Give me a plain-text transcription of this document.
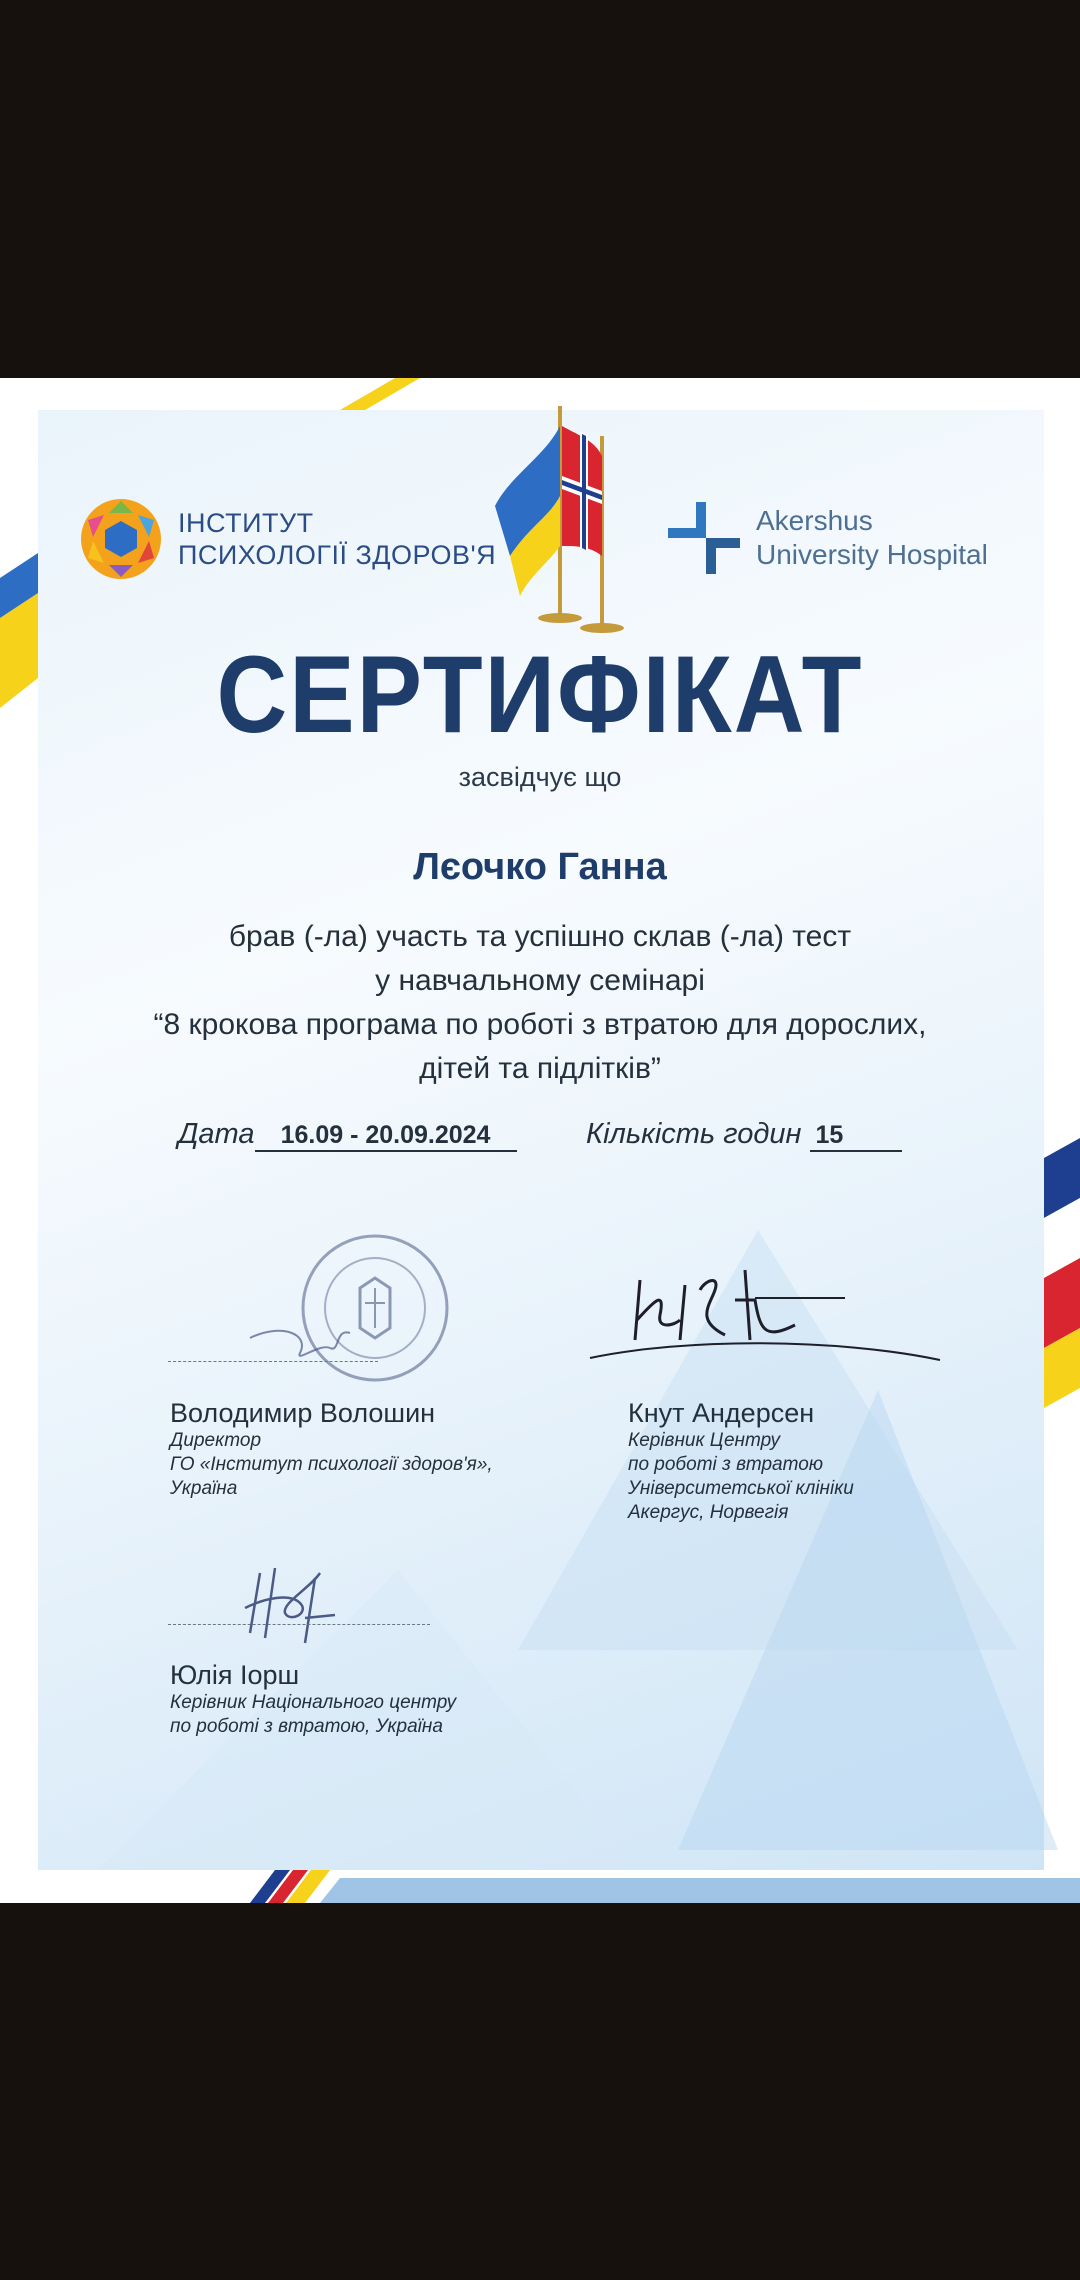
ІНСТИТУТ
ПСИХОЛОГІЇ ЗДОРОВ'Я
Akershus
University Hospital
СЕРТИФІКАТ
засвідчує що
Лєочко Ганна
брав (-ла) участь та успішно склав (-ла) тест
у навчальному семінарі
“8 крокова програма по роботі з втратою для дорослих,
дітей та підлітків”
Дата 16.09 - 20.09.2024	Кількість годин 15
Володимир Волошин
Директор
ГО «Інститут психології здоров'я»,
Україна
Кнут Андерсен
Керівник Центру
по роботі з втратою
Університетської клініки
Акергус, Норвегія
Юлія Іорш
Керівник Національного центру
по роботі з втратою, Україна
